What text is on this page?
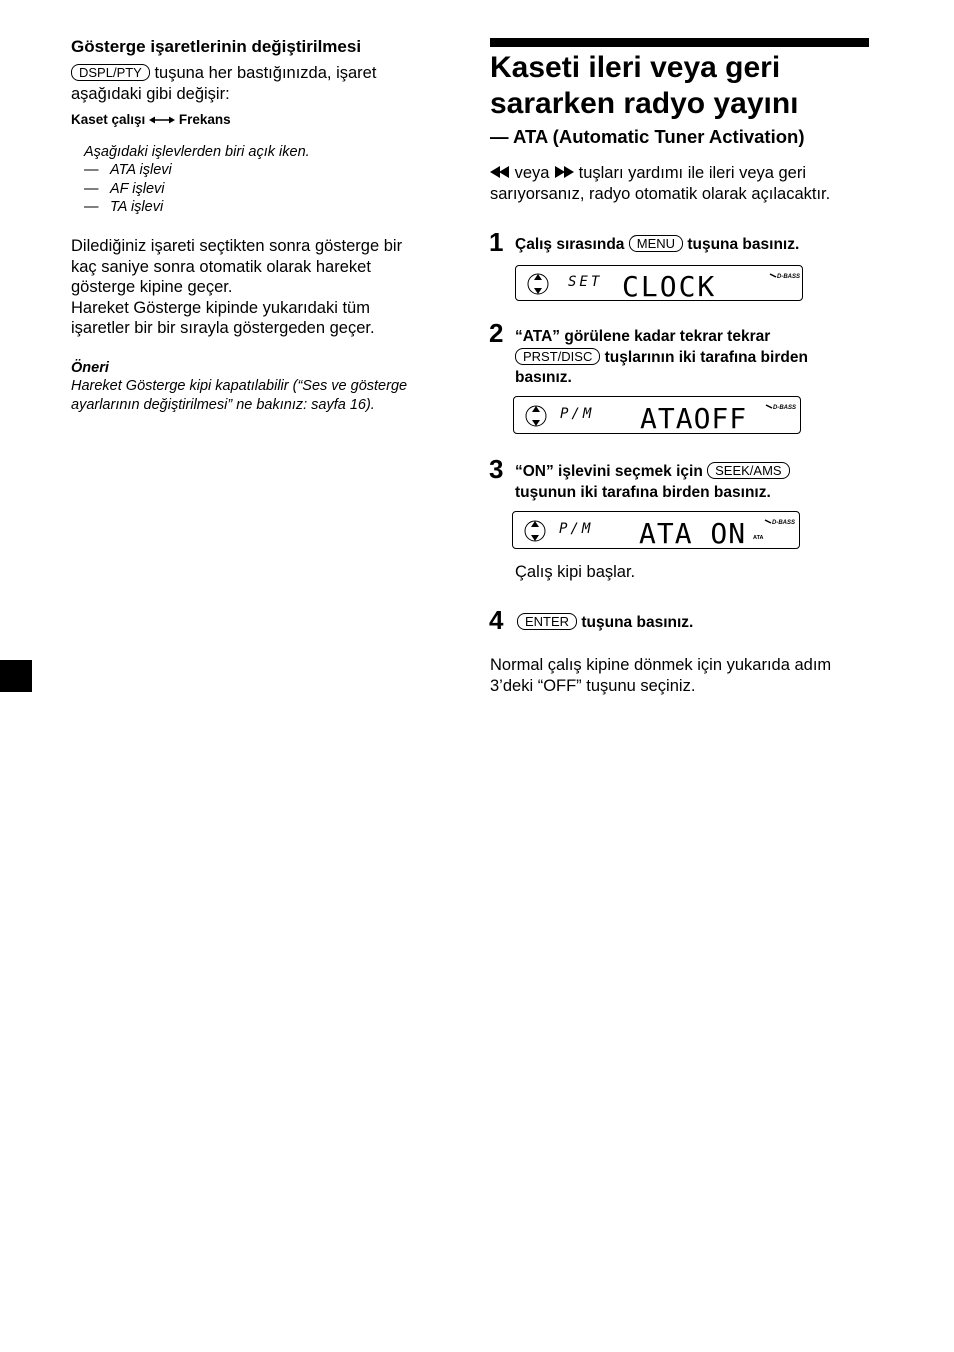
Gösterge işaretlerinin değiştirilmesi
DSPL/PTY tuşuna her bastığınızda, işaret
aşağıdaki gibi değişir:
Kaset çalışı Frekans
Aşağıdaki işlevlerden biri açık iken.
— ATA işlevi
— AF işlevi
— TA işlevi
Dilediğiniz işareti seçtikten sonra gösterge bir
kaç saniye sonra otomatik olarak hareket
gösterge kipine geçer.
Hareket Gösterge kipinde yukarıdaki tüm
işaretler bir bir sırayla göstergeden geçer.
Öneri
Hareket Gösterge kipi kapatılabilir (“Ses ve gösterge
ayarlarının değiştirilmesi” ne bakınız: sayfa 16).
Kaseti ileri veya geri
sararken radyo yayını
— ATA (Automatic Tuner Activation)
veya  tuşları yardımı ile ileri veya geri
sarıyorsanız, radyo otomatik olarak açılacaktır.
1 Çalış sırasında MENU tuşuna basınız.
SET CLOCK	D-BASS
2 “ATA” görülene kadar tekrar tekrar
PRST/DISC tuşlarının iki tarafına birden
basınız.
P/M ATAOFF	D-BASS
3 “ON” işlevini seçmek için SEEK/AMS
tuşunun iki tarafına birden basınız.
P/M ATA ON ATA
D-BASS
Çalış kipi başlar.
4	ENTER tuşuna basınız.
Normal çalış kipine dönmek için yukarıda adım
3’deki “OFF” tuşunu seçiniz.
